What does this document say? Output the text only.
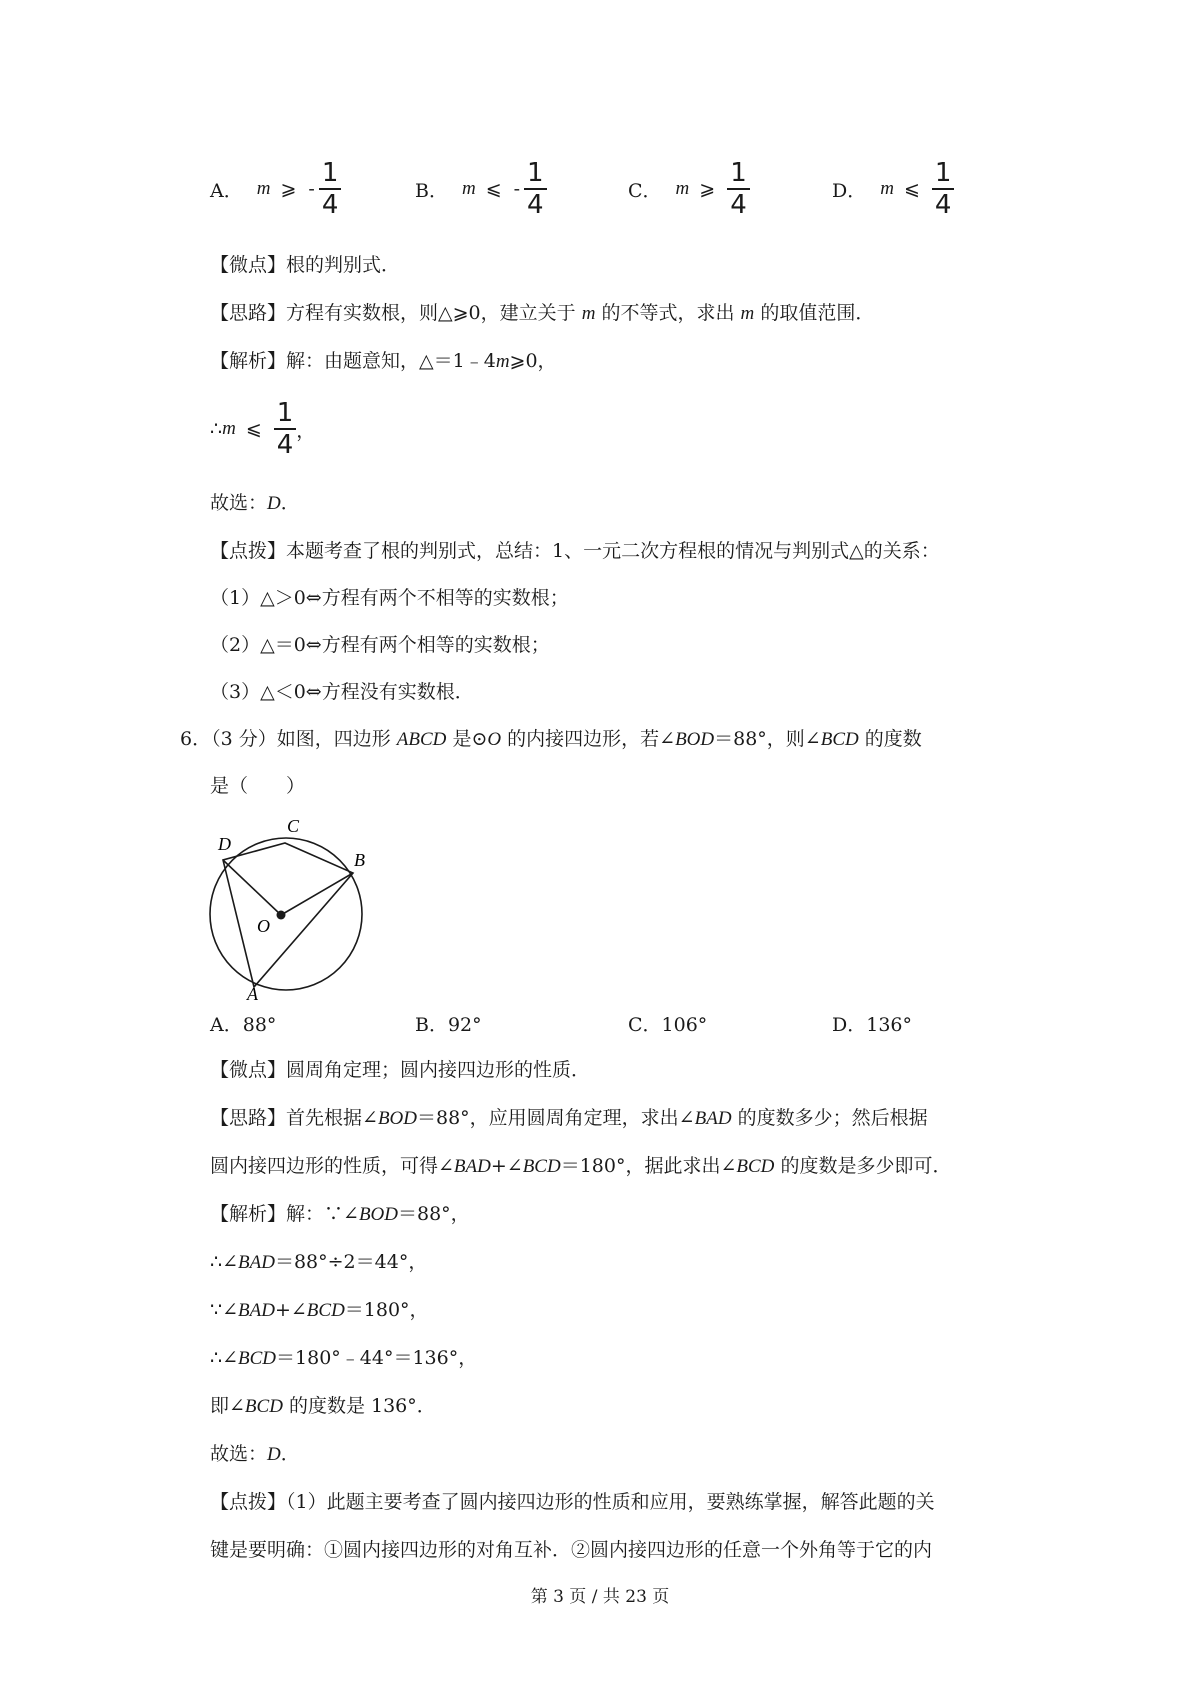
A． m ⩾ - $\frac{1}{4}$	B． m ⩽ - $\frac{1}{4}$	C． m ⩾ $\frac{1}{4}$	D． m ⩽ $\frac{1}{4}$
【微点】根的判别式．
【思路】方程有实数根，则△⩾0，建立关于 m 的不等式，求出 m 的取值范围．
【解析】解：由题意知，△＝1﹣4m⩾0，
∴ m ⩽ $\frac{1}{4}$ ，
故选：D．
【点拨】本题考查了根的判别式，总结：1、一元二次方程根的情况与判别式△的关系：
（1）△＞0⇔方程有两个不相等的实数根；
（2）△＝0⇔方程有两个相等的实数根；
（3）△＜0⇔方程没有实数根．
6．（3 分）如图，四边形 ABCD 是⊙O 的内接四边形，若∠BOD＝88°，则∠BCD 的度数
是（　　）
A
B
C
D
O
A．88°	B．92°	C．106°	D．136°
【微点】圆周角定理；圆内接四边形的性质．
【思路】首先根据∠BOD＝88°，应用圆周角定理，求出∠BAD 的度数多少；然后根据
圆内接四边形的性质，可得∠BAD+∠BCD＝180°，据此求出∠BCD 的度数是多少即可．
【解析】解：∵∠BOD＝88°，
∴∠BAD＝88°÷2＝44°，
∵∠BAD+∠BCD＝180°，
∴∠BCD＝180°﹣44°＝136°，
即∠BCD 的度数是 136°．
故选：D．
【点拨】（1）此题主要考查了圆内接四边形的性质和应用，要熟练掌握，解答此题的关
键是要明确：①圆内接四边形的对角互补．②圆内接四边形的任意一个外角等于它的内
第 3 页 / 共 23 页
